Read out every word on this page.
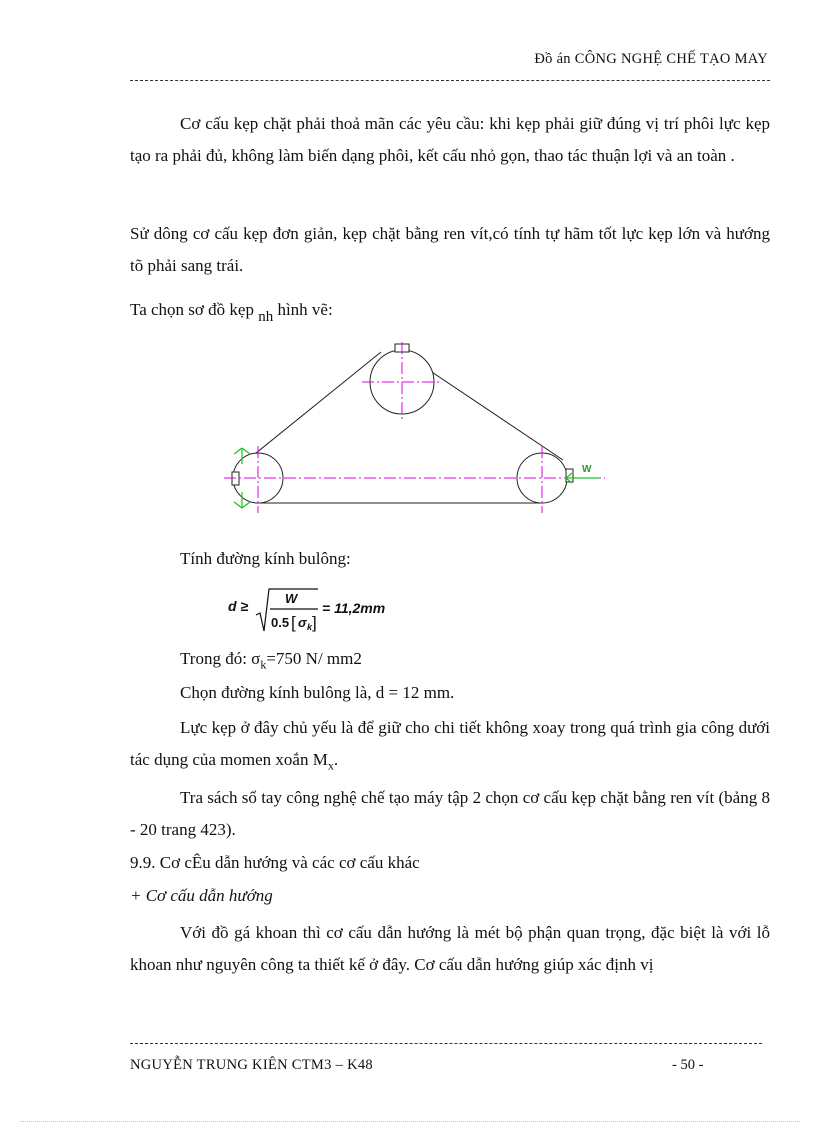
Đồ án CÔNG NGHỆ CHẾ TẠO MAY

Cơ cấu kẹp chặt phải thoả mãn các yêu cầu: khi kẹp phải giữ đúng vị trí phôi lực kẹp tạo ra phải đủ, không làm biến dạng phôi, kết cấu nhỏ gọn, thao tác thuận lợi và an toàn .

Sử dông cơ cấu kẹp đơn giản, kẹp chặt bằng ren vít,có tính tự hãm tốt lực kẹp lớn và hướng tõ phải sang trái.

Ta chọn sơ đồ kẹp $_{nh}$ hình vẽ:
W
Tính đường kính bulông:
d ≥	W
0.5 [ σ k ]
= 11,2mm
Trong đó: $\sigma_k=750$ N/ mm2
Chọn đường kính bulông là, d = 12 mm.

Lực kẹp ở đây chủ yếu là để giữ cho chi tiết không xoay trong quá trình gia công dưới tác dụng của momen xoắn $M_x$.

Tra sách sổ tay công nghệ chế tạo máy tập 2 chọn cơ cấu kẹp chặt bằng ren vít (bảng 8 - 20 trang 423).

9.9. Cơ cÊu dẫn hướng và các cơ cấu khác
+ Cơ cấu dẫn hướng

Với đồ gá khoan thì cơ cấu dẫn hướng là mét bộ phận quan trọng, đặc biệt là với lỗ khoan như nguyên công ta thiết kế ở đây. Cơ cấu dẫn hướng giúp xác định vị

NGUYỄN TRUNG KIÊN CTM3 – K48	- 50 -
